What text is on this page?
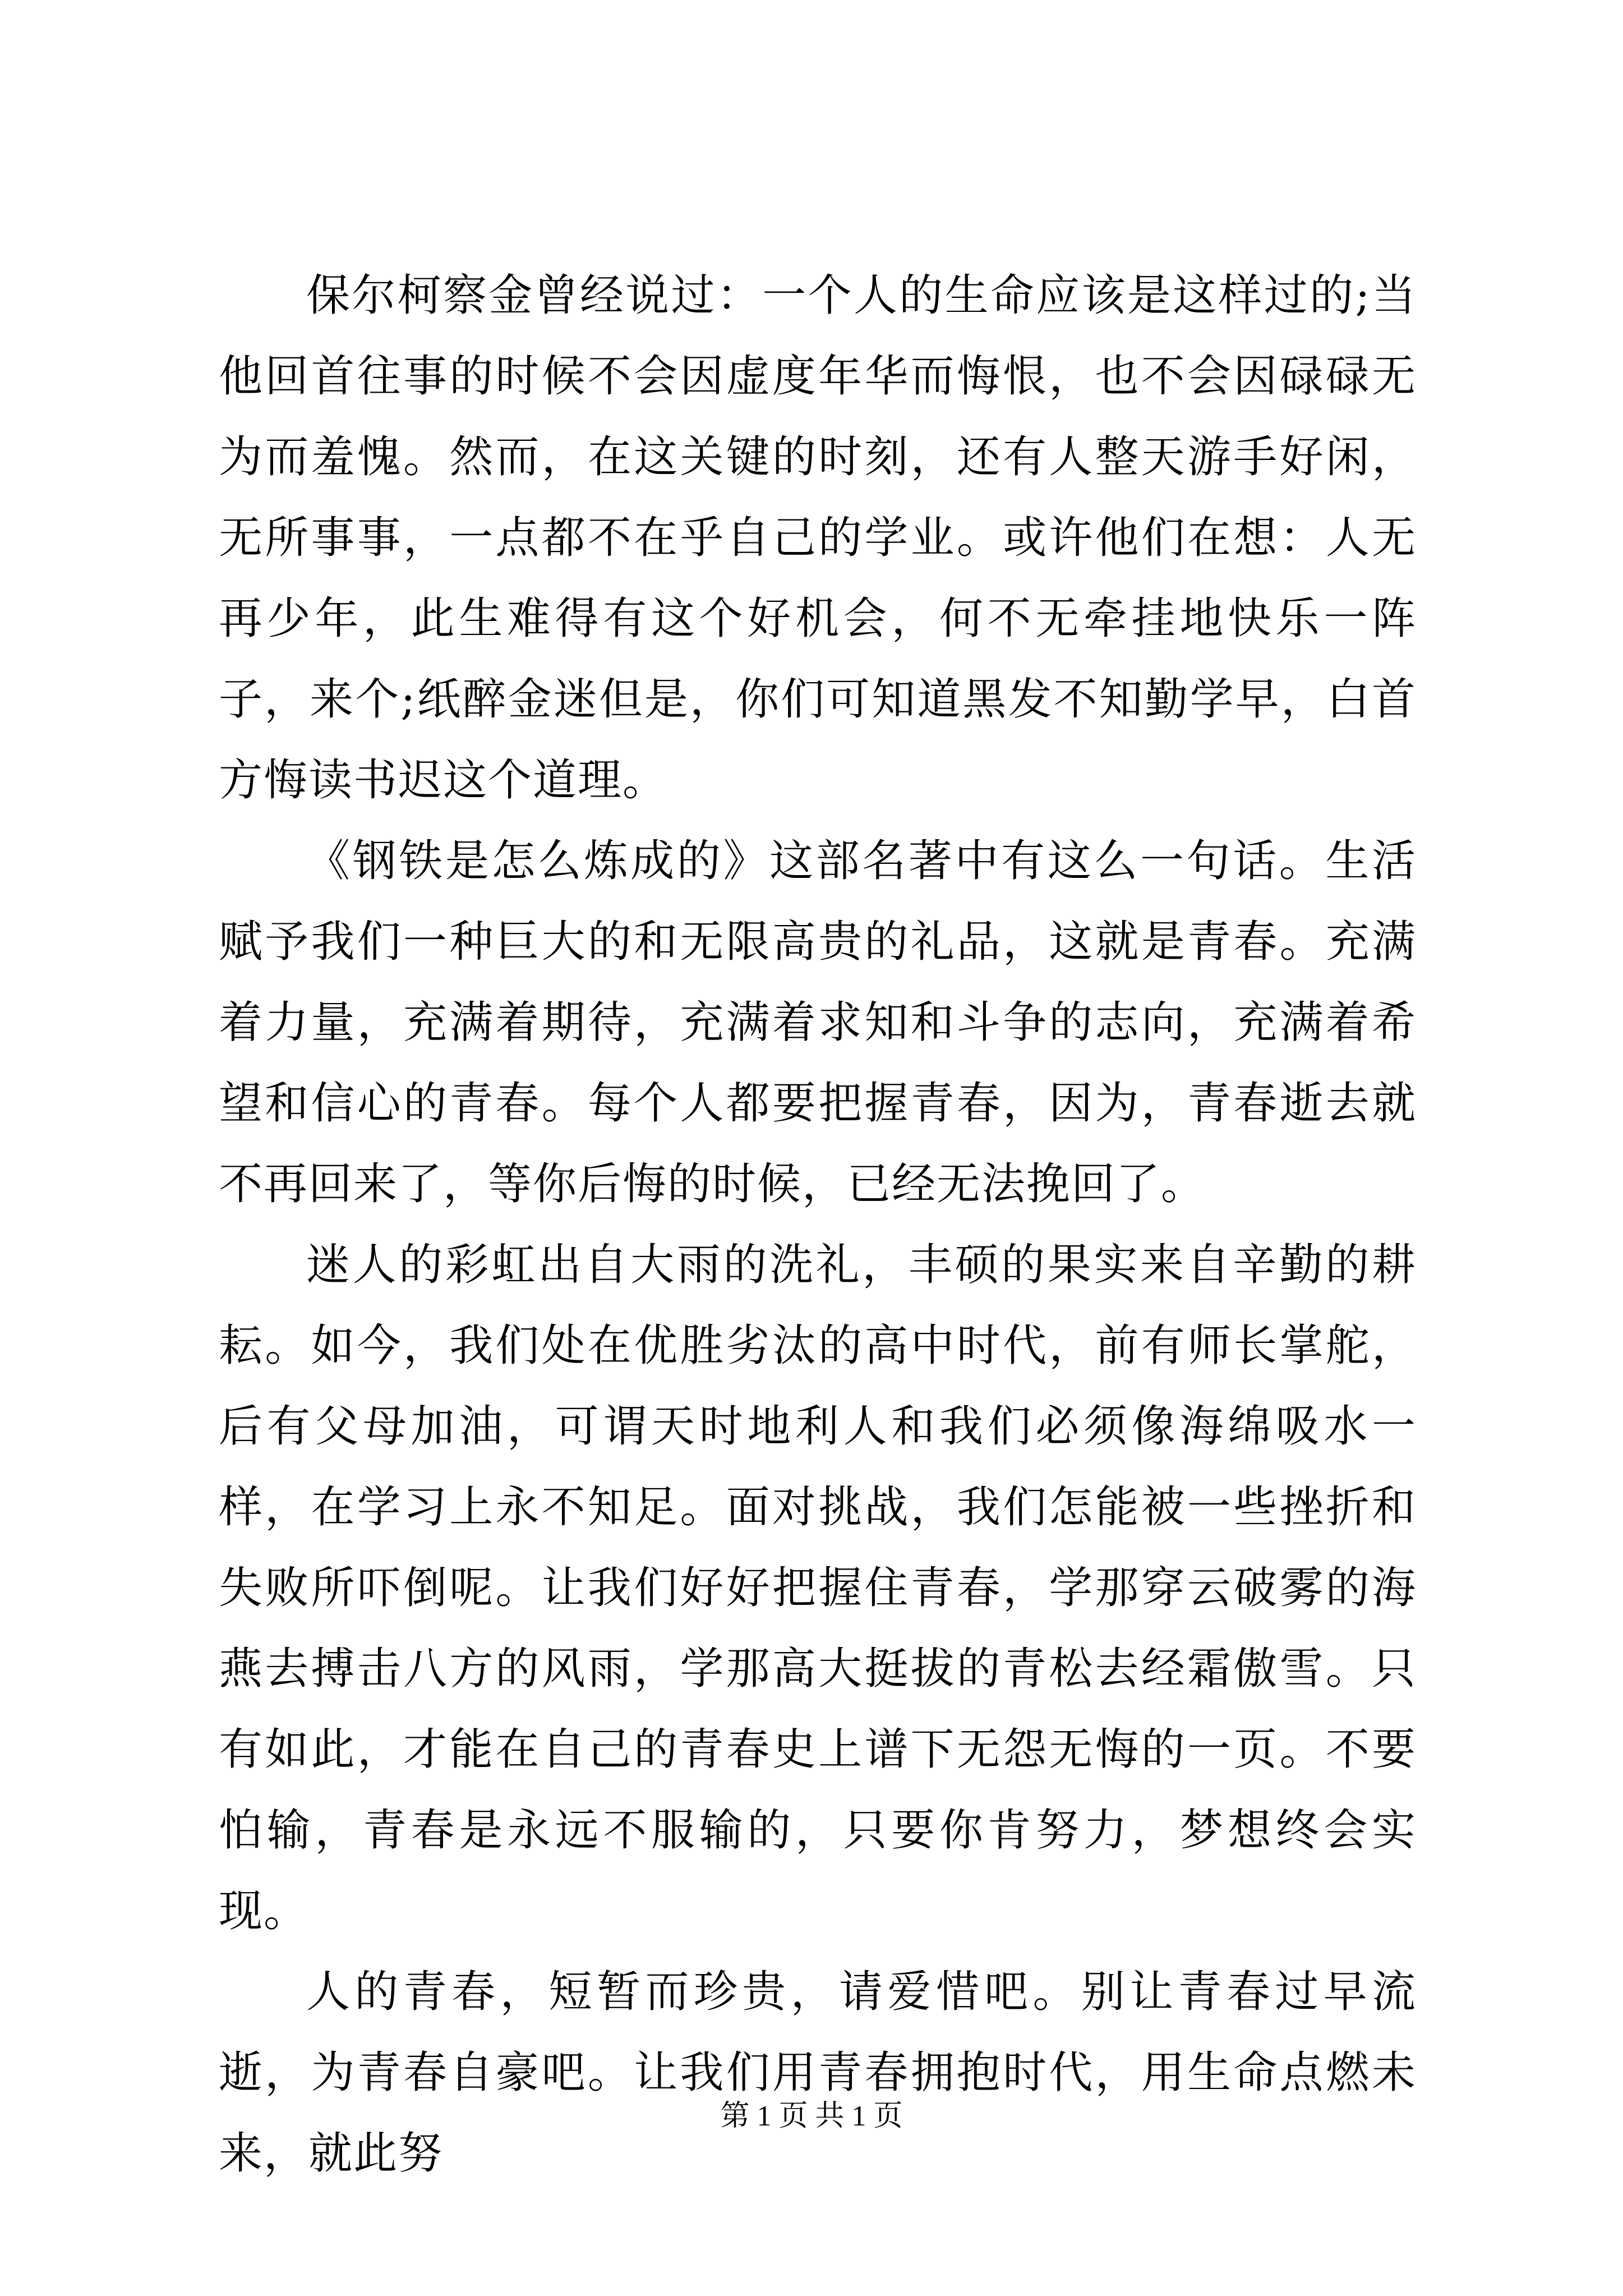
保尔柯察金曾经说过：一个人的生命应该是这样过的;当他回首往事的时候不会因虚度年华而悔恨，也不会因碌碌无为而羞愧。然而，在这关键的时刻，还有人整天游手好闲，无所事事，一点都不在乎自己的学业。或许他们在想：人无再少年，此生难得有这个好机会，何不无牵挂地快乐一阵子，来个;纸醉金迷但是，你们可知道黑发不知勤学早，白首方悔读书迟这个道理。

《钢铁是怎么炼成的》这部名著中有这么一句话。生活赋予我们一种巨大的和无限高贵的礼品，这就是青春。充满着力量，充满着期待，充满着求知和斗争的志向，充满着希望和信心的青春。每个人都要把握青春，因为，青春逝去就不再回来了，等你后悔的时候，已经无法挽回了。

迷人的彩虹出自大雨的洗礼，丰硕的果实来自辛勤的耕耘。如今，我们处在优胜劣汰的高中时代，前有师长掌舵，后有父母加油，可谓天时地利人和我们必须像海绵吸水一样，在学习上永不知足。面对挑战，我们怎能被一些挫折和失败所吓倒呢。让我们好好把握住青春，学那穿云破雾的海燕去搏击八方的风雨，学那高大挺拔的青松去经霜傲雪。只有如此，才能在自己的青春史上谱下无怨无悔的一页。不要怕输，青春是永远不服输的，只要你肯努力，梦想终会实现。

人的青春，短暂而珍贵，请爱惜吧。别让青春过早流逝，为青春自豪吧。让我们用青春拥抱时代，用生命点燃未来，就此努

第 1 页 共 1 页
